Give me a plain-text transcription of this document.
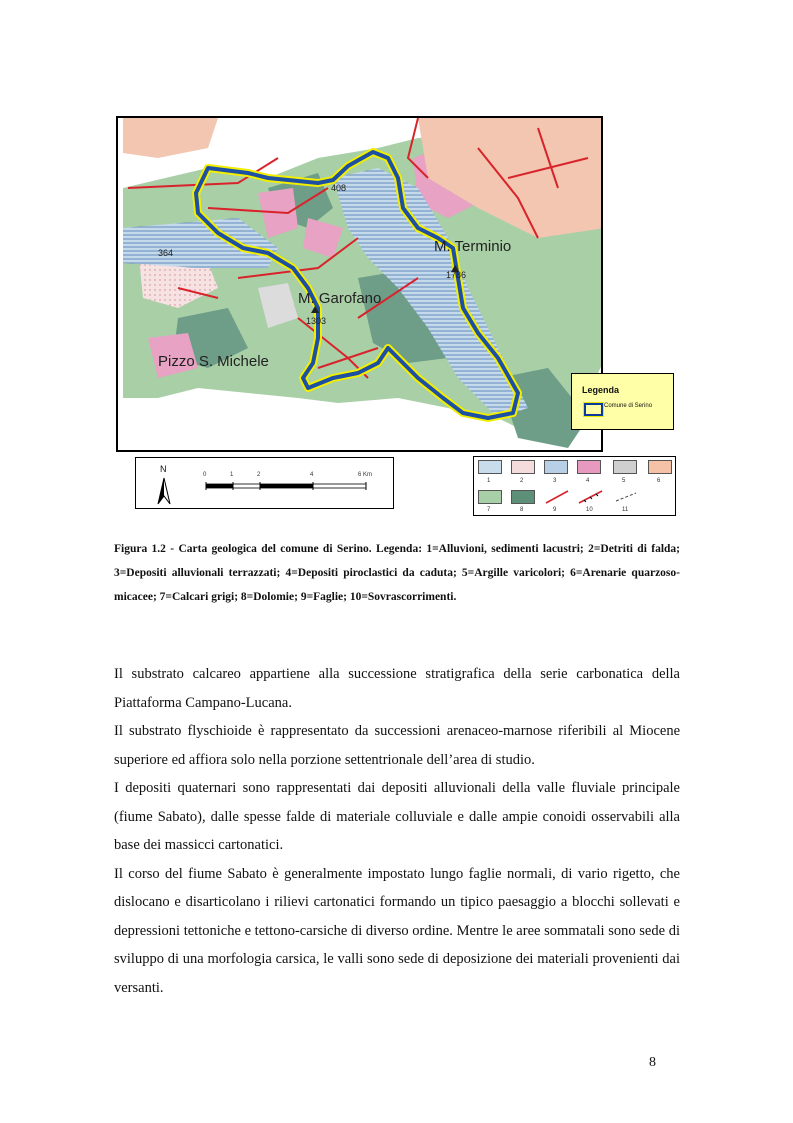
408
364	M. Terminio
1786
M. Garofano
1303
Pizzo S. Michele
Legenda
Comune di Serino
N
0	1	2	4	6 Km
1	2	3	4	5	6
7	8	9	10	11
Figura 1.2 - Carta geologica del comune di Serino. Legenda: 1=Alluvioni, sedimenti lacustri; 2=Detriti di falda; 3=Depositi alluvionali terrazzati; 4=Depositi piroclastici da caduta; 5=Argille varicolori; 6=Arenarie quarzoso-micacee; 7=Calcari grigi; 8=Dolomie; 9=Faglie; 10=Sovrascorrimenti.

Il substrato calcareo appartiene alla successione stratigrafica della serie carbonatica della Piattaforma Campano-Lucana.

Il substrato flyschioide è rappresentato da successioni arenaceo-marnose riferibili al Miocene superiore ed affiora solo nella porzione settentrionale dell’area di studio.

I depositi quaternari sono rappresentati dai depositi alluvionali della valle fluviale principale (fiume Sabato), dalle spesse falde di materiale colluviale e dalle ampie conoidi osservabili alla base dei massicci cartonatici.

Il corso del fiume Sabato è generalmente impostato lungo faglie normali, di vario rigetto, che dislocano e disarticolano i rilievi cartonatici formando un tipico paesaggio a blocchi sollevati e depressioni tettoniche e tettono-carsiche di diverso ordine. Mentre le aree sommatali sono sede di sviluppo di una morfologia carsica, le valli sono sede di deposizione dei materiali provenienti dai versanti.

8
